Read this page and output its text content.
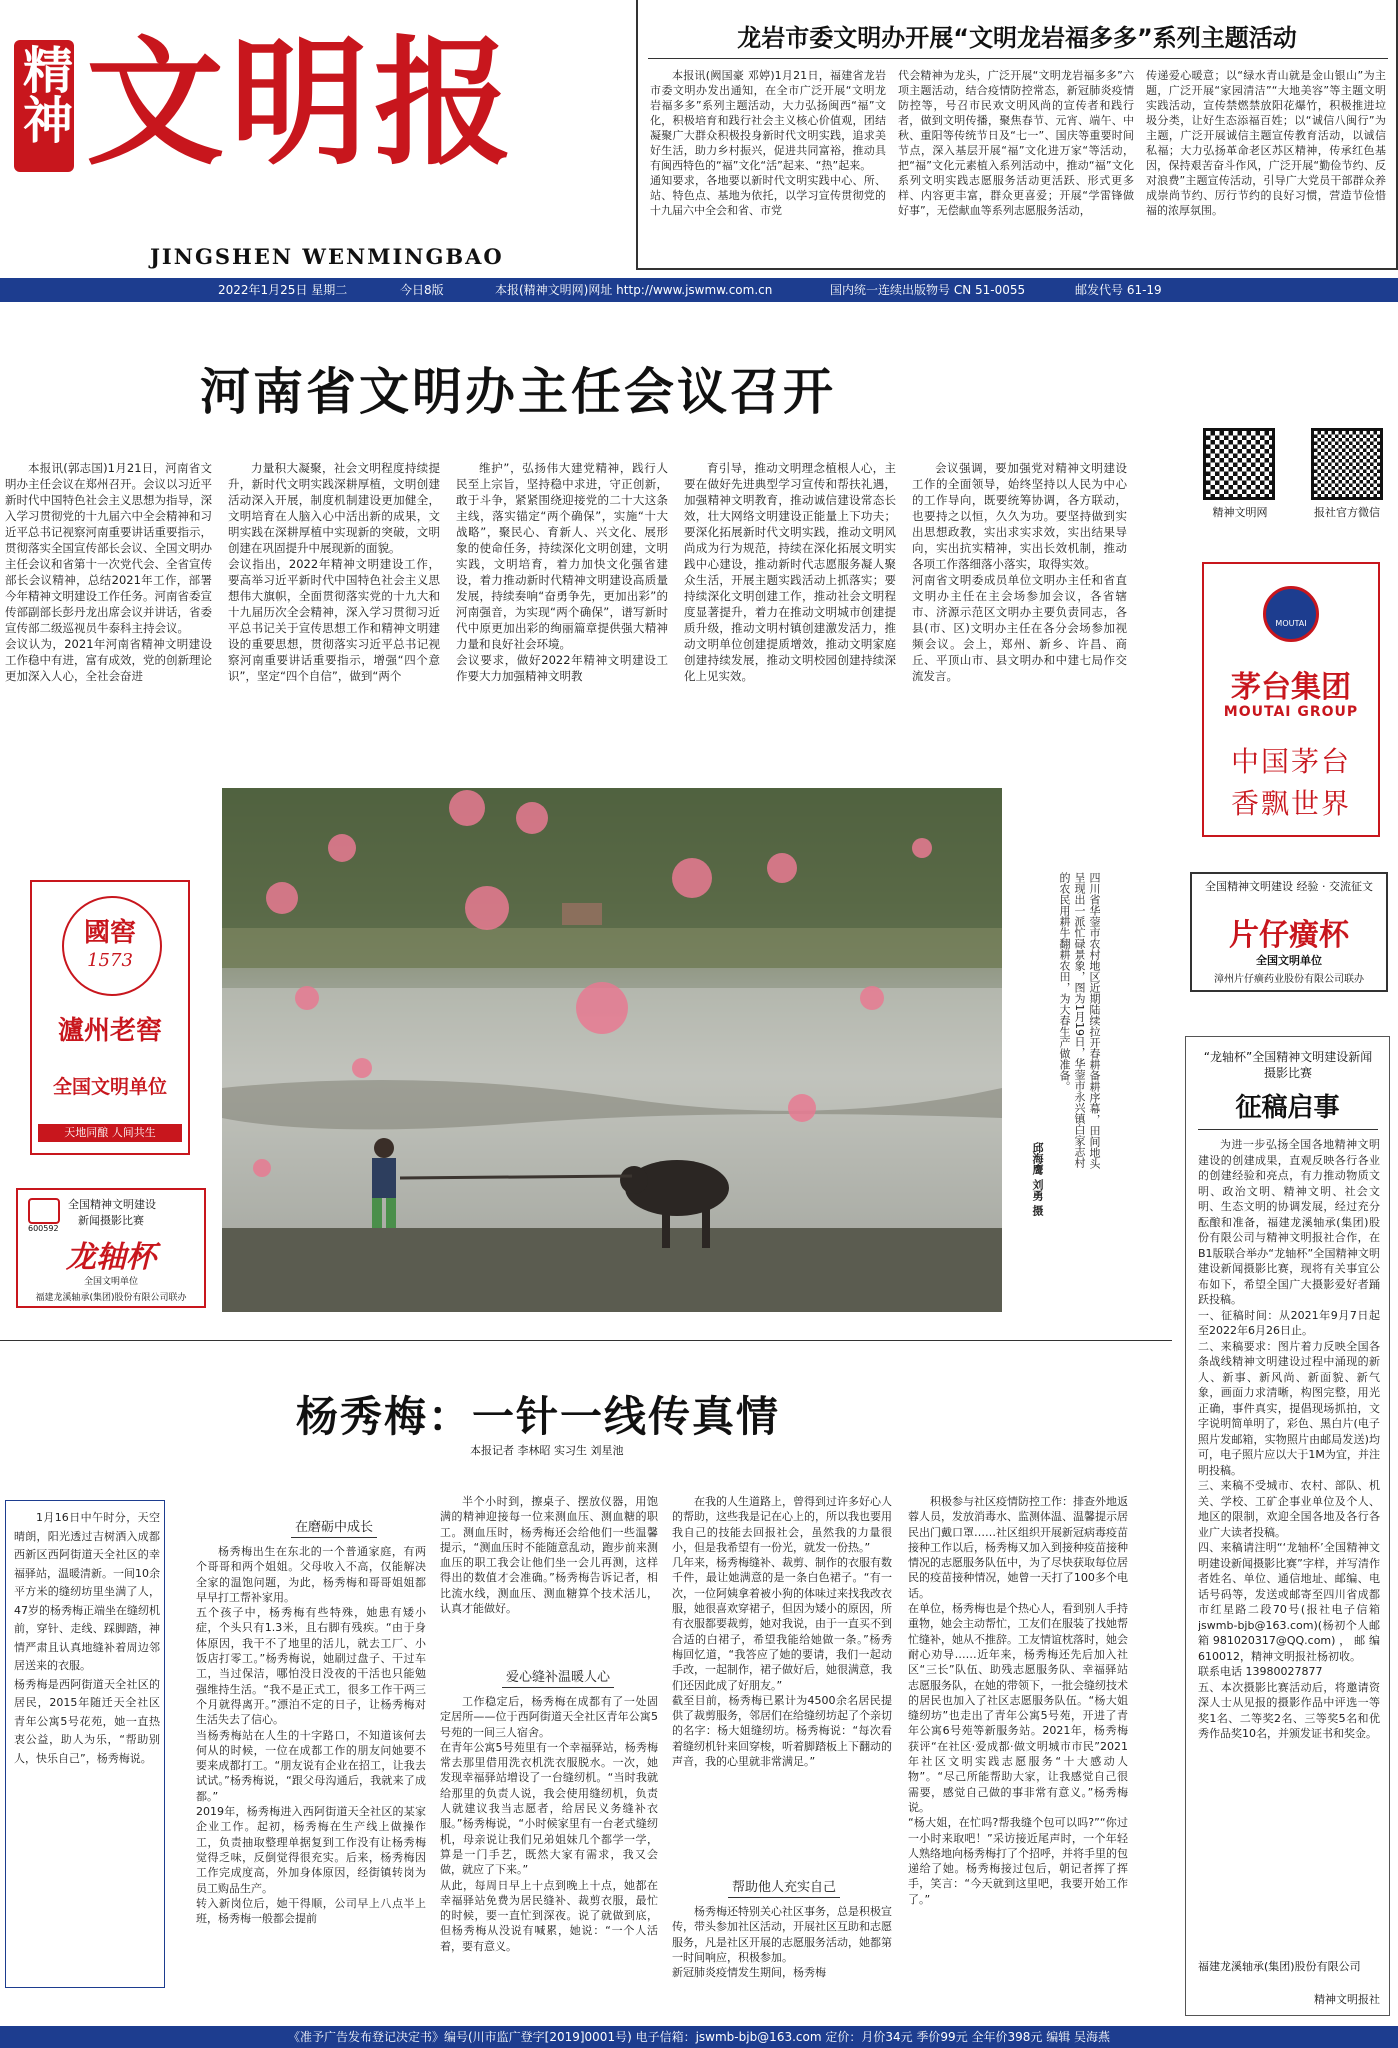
精神 文明报
JINGSHEN WENMINGBAO
龙岩市委文明办开展“文明龙岩福多多”系列主题活动
本报讯(阙国豪 邓婷)1月21日，福建省龙岩市委文明办发出通知，在全市广泛开展“文明龙岩福多多”系列主题活动，大力弘扬闽西“福”文化，积极培育和践行社会主义核心价值观，团结凝聚广大群众积极投身新时代文明实践，追求美好生活，助力乡村振兴，促进共同富裕，推动具有闽西特色的“福”文化“活”起来、“热”起来。
通知要求，各地要以新时代文明实践中心、所、站、特色点、基地为依托，以学习宣传贯彻党的十九届六中全会和省、市党
代会精神为龙头，广泛开展“文明龙岩福多多”六项主题活动，结合疫情防控常态，新冠肺炎疫情防控等，号召市民欢文明风尚的宣传者和践行者，做到文明传播，聚焦春节、元宵、端午、中秋、重阳等传统节日及“七一”、国庆等重要时间节点，深入基层开展“福”文化进万家“等活动，把“福”文化元素植入系列活动中，推动“福”文化系列文明实践志愿服务活动更活跃、形式更多样、内容更丰富，群众更喜爱；开展“学雷锋做好事”，无偿献血等系列志愿服务活动，
传递爱心暖意；以“绿水青山就是金山银山”为主题，广泛开展“家园清洁”“大地美容”等主题文明实践活动，宣传禁燃禁放阳花爆竹，积极推进垃圾分类，让好生态添福百姓；以“诚信八闽行”为主题，广泛开展诚信主题宣传教育活动，以诚信私福；大力弘扬革命老区苏区精神，传承红色基因，保持艰苦奋斗作风，广泛开展“勤俭节约、反对浪费”主题宣传活动，引导广大党员干部群众养成崇尚节约、厉行节约的良好习惯，营造节俭惜福的浓厚氛围。
2022年1月25日 星期二	今日8版	本报(精神文明网)网址 http://www.jswmw.com.cn	国内统一连续出版物号 CN 51-0055	邮发代号 61-19
河南省文明办主任会议召开
本报讯(郭志国)1月21日，河南省文明办主任会议在郑州召开。会议以习近平新时代中国特色社会主义思想为指导，深入学习贯彻党的十九届六中全会精神和习近平总书记视察河南重要讲话重要指示，贯彻落实全国宣传部长会议、全国文明办主任会议和省第十一次党代会、全省宣传部长会议精神，总结2021年工作，部署今年精神文明建设工作任务。河南省委宣传部副部长彭丹龙出席会议并讲话，省委宣传部二级巡视员牛泰科主持会议。
会议认为，2021年河南省精神文明建设工作稳中有进，富有成效，党的创新理论更加深入人心，全社会奋进
力量积大凝聚，社会文明程度持续提升，新时代文明实践深耕厚植，文明创建活动深入开展，制度机制建设更加健全，文明培育在人脑入心中活出新的成果，文明实践在深耕厚植中实现新的突破，文明创建在巩固提升中展现新的面貌。
会议指出，2022年精神文明建设工作，要高举习近平新时代中国特色社会主义思想伟大旗帜，全面贯彻落实党的十九大和十九届历次全会精神，深入学习贯彻习近平总书记关于宣传思想工作和精神文明建设的重要思想，贯彻落实习近平总书记视察河南重要讲话重要指示，增强“四个意识”，坚定“四个自信”，做到“两个
维护”，弘扬伟大建党精神，践行人民至上宗旨，坚持稳中求进，守正创新，敢于斗争，紧紧围绕迎接党的二十大这条主线，落实锚定“两个确保”，实施“十大战略”，聚民心、育新人、兴文化、展形象的使命任务，持续深化文明创建，文明实践，文明培育，着力加快文化强省建设，着力推动新时代精神文明建设高质量发展，持续奏响“奋勇争先，更加出彩”的河南强音，为实现“两个确保”，谱写新时代中原更加出彩的绚丽篇章提供强大精神力量和良好社会环境。
会议要求，做好2022年精神文明建设工作要大力加强精神文明教
育引导，推动文明理念植根人心，主要在做好先进典型学习宣传和帮扶礼遇，加强精神文明教育，推动诚信建设常态长效，壮大网络文明建设正能量上下功夫；要深化拓展新时代文明实践，推动文明风尚成为行为规范，持续在深化拓展文明实践中心建设，推动新时代志愿服务凝人聚众生活，开展主题实践活动上抓落实；要持续深化文明创建工作，推动社会文明程度显著提升，着力在推动文明城市创建提质升级，推动文明村镇创建激发活力，推动文明单位创建提质增效，推动文明家庭创建持续发展，推动文明校园创建持续深化上见实效。
会议强调，要加强党对精神文明建设工作的全面领导，始终坚持以人民为中心的工作导向，既要统筹协调，各方联动，也要持之以恒，久久为功。要坚持做到实出思想政教，实出求实求效，实出结果导向，实出抗实精神，实出长效机制，推动各项工作落细落小落实，取得实效。
河南省文明委成员单位文明办主任和省直文明办主任在主会场参加会议，各省辖市、济源示范区文明办主要负责同志，各县(市、区)文明办主任在各分会场参加视频会议。会上，郑州、新乡、许昌、商丘、平顶山市、县文明办和中建七局作交流发言。
四川省华蓥市农村地区近期陆续拉开春耕备耕序幕，田间地头呈现出一派忙碌景象，图为1月19日，华蓥市永兴镇白家志村的农民用耕牛翻耕农田，为大春生产做准备。
邱海鹰 刘勇 摄
精神文明网	报社官方微信
MOUTAI
茅台集团
MOUTAI GROUP
中国茅台
香飘世界
全国精神文明建设 经验 · 交流征文
片仔癀杯
全国文明单位
漳州片仔癀药业股份有限公司联办
國窖
1573
瀘州老窖
全国文明单位
天地同酿 人间共生
全国精神文明建设
新闻摄影比赛
600592
龙轴杯
全国文明单位
福建龙溪轴承(集团)股份有限公司联办
“龙轴杯”全国精神文明建设新闻摄影比赛
征稿启事
为进一步弘扬全国各地精神文明建设的创建成果，直观反映各行各业的创建经验和亮点，有力推动物质文明、政治文明、精神文明、社会文明、生态文明的协调发展，经过充分酝酿和准备，福建龙溪轴承(集团)股份有限公司与精神文明报社合作，在B1版联合举办“龙轴杯”全国精神文明建设新闻摄影比赛，现将有关事宜公布如下，希望全国广大摄影爱好者踊跃投稿。
一、征稿时间：从2021年9月7日起至2022年6月26日止。
二、来稿要求：图片着力反映全国各条战线精神文明建设过程中涌现的新人、新事、新风尚、新面貌、新气象，画面力求清晰，构图完整，用光正确，事件真实，提倡现场抓拍，文字说明简单明了，彩色、黑白片(电子照片发邮箱，实物照片由邮局发送)均可，电子照片应以大于1M为宜，并注明投稿。
三、来稿不受城市、农村、部队、机关、学校、工矿企事业单位及个人、地区的限制，欢迎全国各地及各行各业广大读者投稿。
四、来稿请注明“‘龙轴杯’全国精神文明建设新闻摄影比赛”字样，并写清作者姓名、单位、通信地址、邮编、电话号码等，发送或邮寄至四川省成都市红星路二段70号(报社电子信箱jswmb-bjb@163.com)(杨初个人邮箱981020317@QQ.com)，邮编610012，精神文明报社杨初收。
联系电话 13980027877
五、本次摄影比赛活动后，将邀请资深人士从见报的摄影作品中评选一等奖1名、二等奖2名、三等奖5名和优秀作品奖10名，并颁发证书和奖金。
福建龙溪轴承(集团)股份有限公司
精神文明报社
杨秀梅：一针一线传真情
本报记者 李林昭 实习生 刘星池
1月16日中午时分，天空晴朗，阳光透过吉树洒入成都西新区西阿街道天全社区的幸福驿站，温暖清新。一间10余平方米的缝纫坊里坐满了人，47岁的杨秀梅正端坐在缝纫机前，穿针、走线、踩脚踏，神情严肃且认真地缝补着周边邻居送来的衣服。
杨秀梅是西阿街道天全社区的居民，2015年随迁天全社区青年公寓5号花苑，她一直热衷公益，助人为乐，“帮助别人，快乐自己”，杨秀梅说。
在磨砺中成长
杨秀梅出生在东北的一个普通家庭，有两个哥哥和两个姐姐。父母收入不高，仅能解决全家的温饱问题，为此，杨秀梅和哥哥姐姐都早早打工帮补家用。
五个孩子中，杨秀梅有些特殊，她患有矮小症，个头只有1.3米，且右脚有残疾。“由于身体原因，我干不了地里的活儿，就去工厂、小饭店打零工。”杨秀梅说，她刷过盘子、干过车工，当过保洁，哪怕没日没夜的干活也只能勉强维持生活。“我不是正式工，很多工作干两三个月就得离开。”漂泊不定的日子，让杨秀梅对生活失去了信心。
当杨秀梅站在人生的十字路口，不知道该何去何从的时候，一位在成都工作的朋友问她要不要来成都打工。“朋友说有企业在招工，让我去试试。”杨秀梅说，“跟父母沟通后，我就来了成都。”
2019年，杨秀梅进入西阿街道天全社区的某家企业工作。起初，杨秀梅在生产线上做操作工，负责抽取整理单据复到工作没有让杨秀梅觉得乏味，反倒觉得很充实。后来，杨秀梅因工作完成度高，外加身体原因，经街镇转岗为员工购品生产。
转入新岗位后，她干得顺，公司早上八点半上班，杨秀梅一般都会提前
半个小时到，擦桌子、摆放仪器，用饱满的精神迎接每一位来测血压、测血糖的职工。测血压时，杨秀梅还会给他们一些温馨提示，“测血压时不能随意乱动，跑步前来测血压的职工我会让他们坐一会儿再测，这样得出的数值才会准确。”杨秀梅告诉记者，相比流水线，测血压、测血糖算个技术活儿，认真才能做好。
爱心缝补温暖人心
工作稳定后，杨秀梅在成都有了一处固定居所——位于西阿街道天全社区青年公寓5号苑的一间三人宿舍。
在青年公寓5号苑里有一个幸福驿站，杨秀梅常去那里借用洗衣机洗衣服脱水。一次，她发现幸福驿站增设了一台缝纫机。“当时我就给那里的负责人说，我会使用缝纫机，负责人就建议我当志愿者，给居民义务缝补衣服。”杨秀梅说，“小时候家里有一台老式缝纫机，母亲说让我们兄弟姐妹几个都学一学，算是一门手艺，既然大家有需求，我又会做，就应了下来。”
从此，每周日早上十点到晚上十点，她都在幸福驿站免费为居民缝补、裁剪衣服，最忙的时候，要一直忙到深夜。说了就做到底，但杨秀梅从没说有喊累，她说：“一个人活着，要有意义。
在我的人生道路上，曾得到过许多好心人的帮助，这些我是记在心上的，所以我也要用我自己的技能去回报社会，虽然我的力量很小，但是我希望有一份光，就发一份热。”
几年来，杨秀梅缝补、裁剪、制作的衣服有数千件，最让她满意的是一条白色裙子。“有一次，一位阿姨拿着被小狗的体味过来找我改衣服，她很喜欢穿裙子，但因为矮小的原因，所有衣服都要裁剪，她对我说，由于一直买不到合适的白裙子，希望我能给她做一条。”杨秀梅回忆道，“我答应了她的要请，我们一起动手改，一起制作，裙子做好后，她很满意，我们还因此成了好朋友。”
截至目前，杨秀梅已累计为4500余名居民提供了裁剪服务，邻居们在给缝纫坊起了个亲切的名字：杨大姐缝纫坊。杨秀梅说：“每次看着缝纫机针来回穿梭，听着脚踏板上下翻动的声音，我的心里就非常满足。”
帮助他人充实自己
杨秀梅还特别关心社区事务，总是积极宣传，带头参加社区活动，开展社区互助和志愿服务，凡是社区开展的志愿服务活动，她都第一时间响应，积极参加。
新冠肺炎疫情发生期间，杨秀梅
积极参与社区疫情防控工作：排查外地返蓉人员，发放消毒水、监测体温、温馨提示居民出门戴口罩……社区组织开展新冠病毒疫苗接种工作以后，杨秀梅又加入到接种疫苗接种情况的志愿服务队伍中，为了尽快获取每位居民的疫苗接种情况，她曾一天打了100多个电话。
在单位，杨秀梅也是个热心人，看到别人手持重物，她会主动帮忙，工友们在服装了找她帮忙缝补，她从不推辞。工友情谊枕落时，她会耐心劝导……近年来，杨秀梅还先后加入社区“三长”队伍、助残志愿服务队、幸福驿站志愿服务队，在她的带领下，一批会缝纫技术的居民也加入了社区志愿服务队伍。“杨大姐缝纫坊”也走出了青年公寓5号苑，开进了青年公寓6号苑等新服务站。2021年，杨秀梅获评“在社区·爱成都·做文明城市市民”2021年社区文明实践志愿服务“十大感动人物”。“尽己所能帮助大家，让我感觉自己很需要，感觉自己做的事非常有意义。”杨秀梅说。
“杨大姐，在忙吗?帮我缝个包可以吗?”“你过一小时来取吧！”采访接近尾声时，一个年轻人熟络地向杨秀梅打了个招呼，并将手里的包递给了她。杨秀梅接过包后，朝记者挥了挥手，笑言：“今天就到这里吧，我要开始工作了。”
《准予广告发布登记决定书》编号(川市监广登字[2019]0001号) 电子信箱：jswmb-bjb@163.com 定价：月价34元 季价99元 全年价398元 编辑 吴海燕
